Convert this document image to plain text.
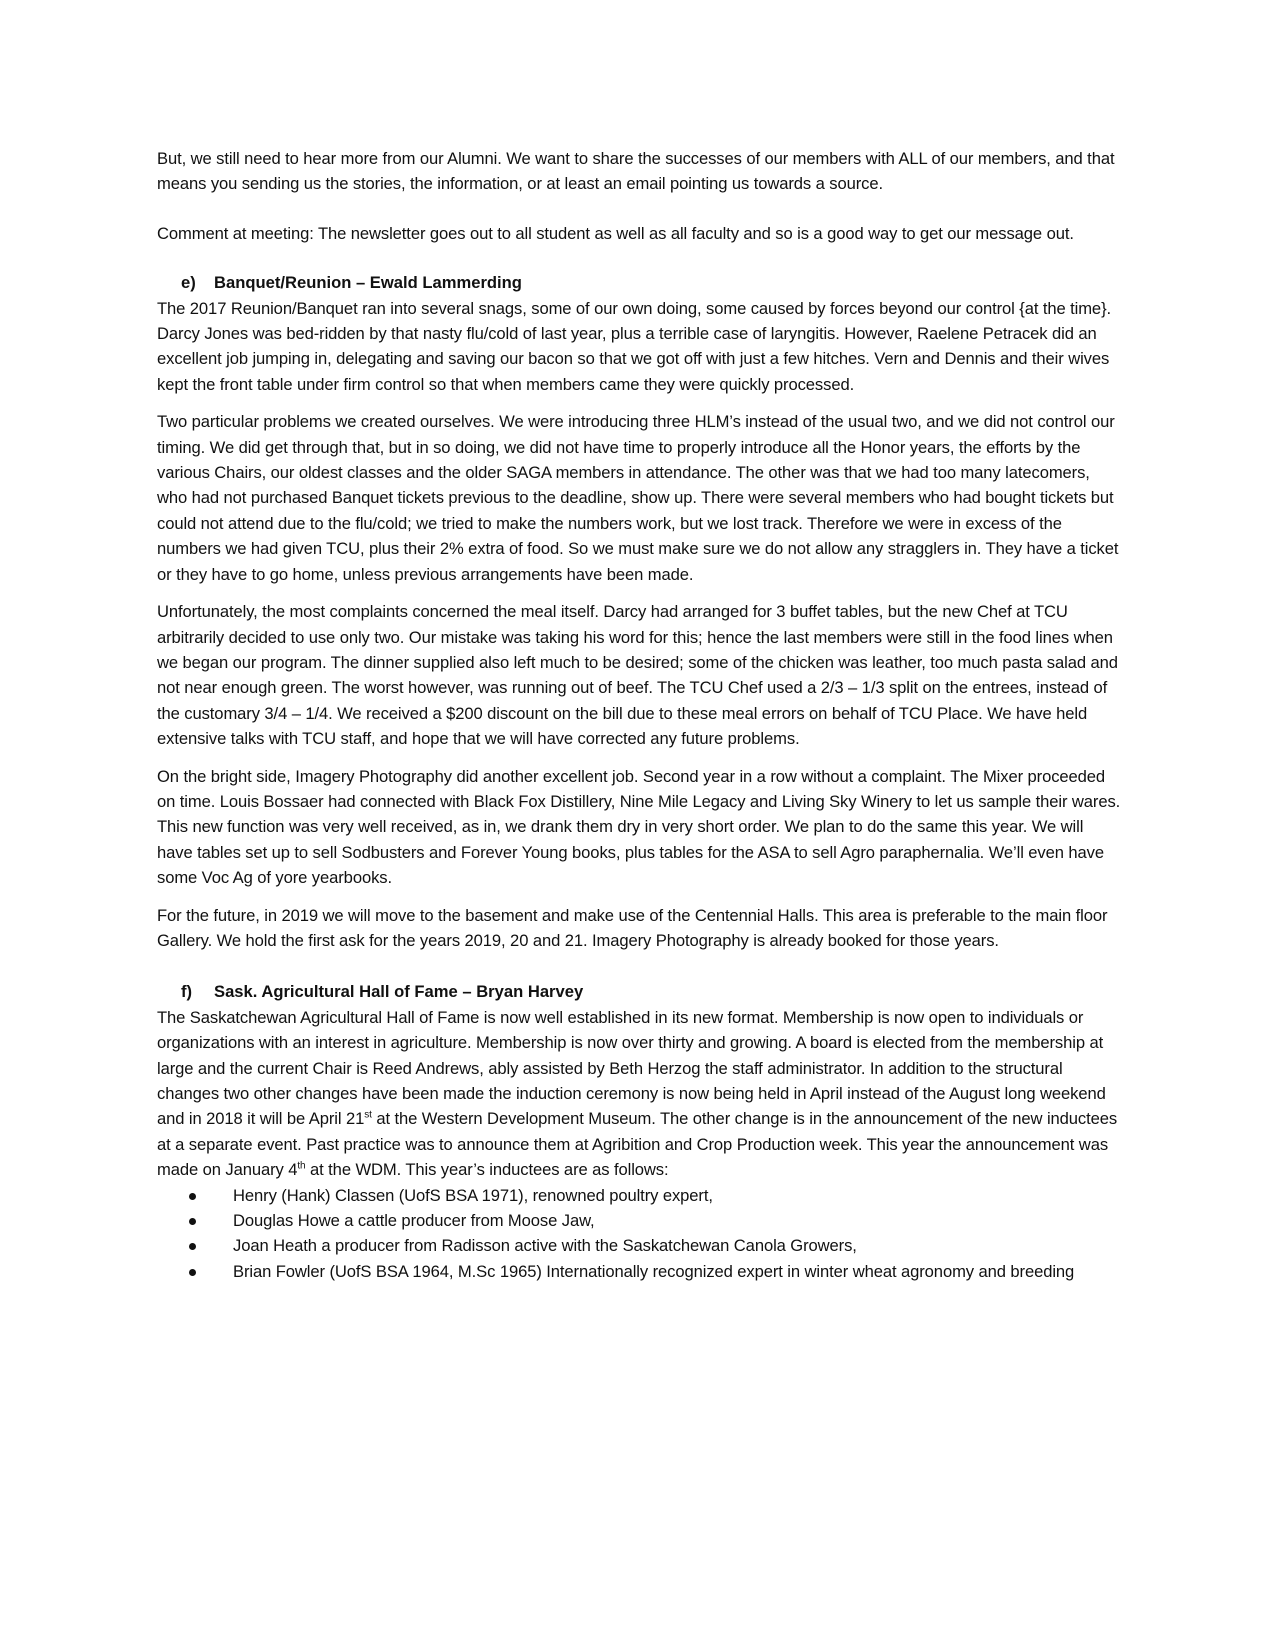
But, we still need to hear more from our Alumni. We want to share the successes of our members with ALL of our members, and that means you sending us the stories, the information, or at least an email pointing us towards a source.

Comment at meeting: The newsletter goes out to all student as well as all faculty and so is a good way to get our message out.

e) Banquet/Reunion – Ewald Lammerding

The 2017 Reunion/Banquet ran into several snags, some of our own doing, some caused by forces beyond our control {at the time}. Darcy Jones was bed-ridden by that nasty flu/cold of last year, plus a terrible case of laryngitis. However, Raelene Petracek did an excellent job jumping in, delegating and saving our bacon so that we got off with just a few hitches. Vern and Dennis and their wives kept the front table under firm control so that when members came they were quickly processed.

Two particular problems we created ourselves. We were introducing three HLM’s instead of the usual two, and we did not control our timing. We did get through that, but in so doing, we did not have time to properly introduce all the Honor years, the efforts by the various Chairs, our oldest classes and the older SAGA members in attendance. The other was that we had too many latecomers, who had not purchased Banquet tickets previous to the deadline, show up. There were several members who had bought tickets but could not attend due to the flu/cold; we tried to make the numbers work, but we lost track. Therefore we were in excess of the numbers we had given TCU, plus their 2% extra of food. So we must make sure we do not allow any stragglers in. They have a ticket or they have to go home, unless previous arrangements have been made.

Unfortunately, the most complaints concerned the meal itself. Darcy had arranged for 3 buffet tables, but the new Chef at TCU arbitrarily decided to use only two. Our mistake was taking his word for this; hence the last members were still in the food lines when we began our program. The dinner supplied also left much to be desired; some of the chicken was leather, too much pasta salad and not near enough green. The worst however, was running out of beef. The TCU Chef used a 2/3 – 1/3 split on the entrees, instead of the customary 3/4 – 1/4. We received a $200 discount on the bill due to these meal errors on behalf of TCU Place. We have held extensive talks with TCU staff, and hope that we will have corrected any future problems.

On the bright side, Imagery Photography did another excellent job. Second year in a row without a complaint. The Mixer proceeded on time. Louis Bossaer had connected with Black Fox Distillery, Nine Mile Legacy and Living Sky Winery to let us sample their wares. This new function was very well received, as in, we drank them dry in very short order. We plan to do the same this year. We will have tables set up to sell Sodbusters and Forever Young books, plus tables for the ASA to sell Agro paraphernalia. We’ll even have some Voc Ag of yore yearbooks.

For the future, in 2019 we will move to the basement and make use of the Centennial Halls. This area is preferable to the main floor Gallery. We hold the first ask for the years 2019, 20 and 21. Imagery Photography is already booked for those years.

f) Sask. Agricultural Hall of Fame – Bryan Harvey

The Saskatchewan Agricultural Hall of Fame is now well established in its new format. Membership is now open to individuals or organizations with an interest in agriculture. Membership is now over thirty and growing. A board is elected from the membership at large and the current Chair is Reed Andrews, ably assisted by Beth Herzog the staff administrator. In addition to the structural changes two other changes have been made the induction ceremony is now being held in April instead of the August long weekend and in 2018 it will be April 21st at the Western Development Museum. The other change is in the announcement of the new inductees at a separate event. Past practice was to announce them at Agribition and Crop Production week. This year the announcement was made on January 4th at the WDM. This year’s inductees are as follows:

Henry (Hank) Classen (UofS BSA 1971), renowned poultry expert,
Douglas Howe a cattle producer from Moose Jaw,
Joan Heath a producer from Radisson active with the Saskatchewan Canola Growers,
Brian Fowler (UofS BSA 1964, M.Sc 1965) Internationally recognized expert in winter wheat agronomy and breeding
